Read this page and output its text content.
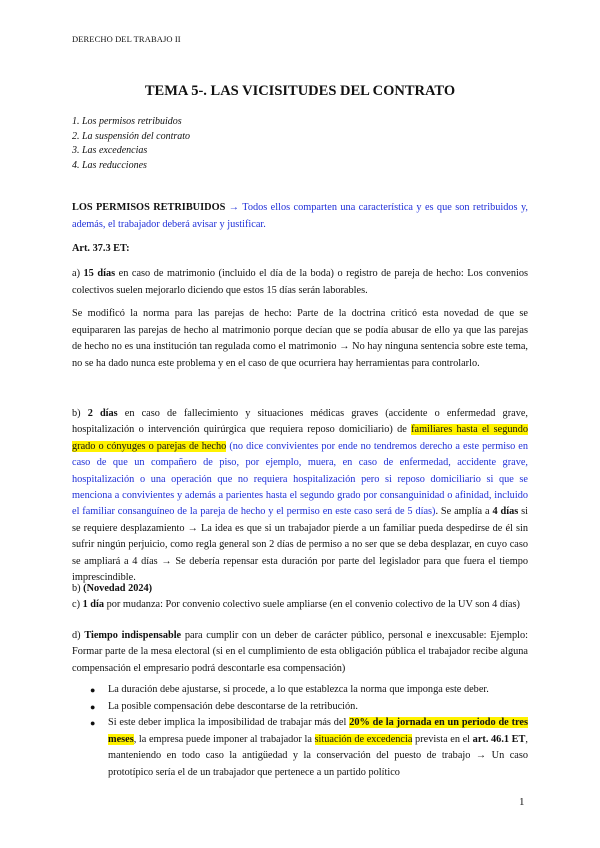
DERECHO DEL TRABAJO II
TEMA 5-. LAS VICISITUDES DEL CONTRATO
1. Los permisos retribuidos
2. La suspensión del contrato
3. Las excedencias
4. Las reducciones
LOS PERMISOS RETRIBUIDOS → Todos ellos comparten una característica y es que son retribuidos y, además, el trabajador deberá avisar y justificar.
Art. 37.3 ET:
a) 15 días en caso de matrimonio (incluido el día de la boda) o registro de pareja de hecho: Los convenios colectivos suelen mejorarlo diciendo que estos 15 días serán laborables.
Se modificó la norma para las parejas de hecho: Parte de la doctrina criticó esta novedad de que se equipararen las parejas de hecho al matrimonio porque decían que se podía abusar de ello ya que las parejas de hecho no es una institución tan regulada como el matrimonio → No hay ninguna sentencia sobre este tema, no se ha dado nunca este problema y en el caso de que ocurriera hay herramientas para controlarlo.
b) 2 días en caso de fallecimiento y situaciones médicas graves (accidente o enfermedad grave, hospitalización o intervención quirúrgica que requiera reposo domiciliario) de familiares hasta el segundo grado o cónyuges o parejas de hecho (no dice convivientes por ende no tendremos derecho a este permiso en caso de que un compañero de piso, por ejemplo, muera, en caso de enfermedad, accidente grave, hospitalización o una operación que no requiera hospitalización pero si reposo domiciliario si que se menciona a convivientes y además a parientes hasta el segundo grado por consanguinidad o afinidad, incluido el familiar consanguíneo de la pareja de hecho y el permiso en este caso será de 5 días). Se amplía a 4 días si se requiere desplazamiento → La idea es que si un trabajador pierde a un familiar pueda despedirse de él sin sufrir ningún perjuicio, como regla general son 2 días de permiso a no ser que se deba desplazar, en cuyo caso se ampliará a 4 días → Se debería repensar esta duración por parte del legislador para que fuera el tiempo imprescindible.
b) (Novedad 2024)
c) 1 día por mudanza: Por convenio colectivo suele ampliarse (en el convenio colectivo de la UV son 4 días)
d) Tiempo indispensable para cumplir con un deber de carácter público, personal e inexcusable: Ejemplo: Formar parte de la mesa electoral (si en el cumplimiento de esta obligación pública el trabajador recibe alguna compensación el empresario podrá descontarle esa compensación)
● La duración debe ajustarse, si procede, a lo que establezca la norma que imponga este deber.
● La posible compensación debe descontarse de la retribución.
● Si este deber implica la imposibilidad de trabajar más del 20% de la jornada en un periodo de tres meses, la empresa puede imponer al trabajador la situación de excedencia prevista en el art. 46.1 ET, manteniendo en todo caso la antigüedad y la conservación del puesto de trabajo → Un caso prototípico sería el de un trabajador que pertenece a un partido político
1
